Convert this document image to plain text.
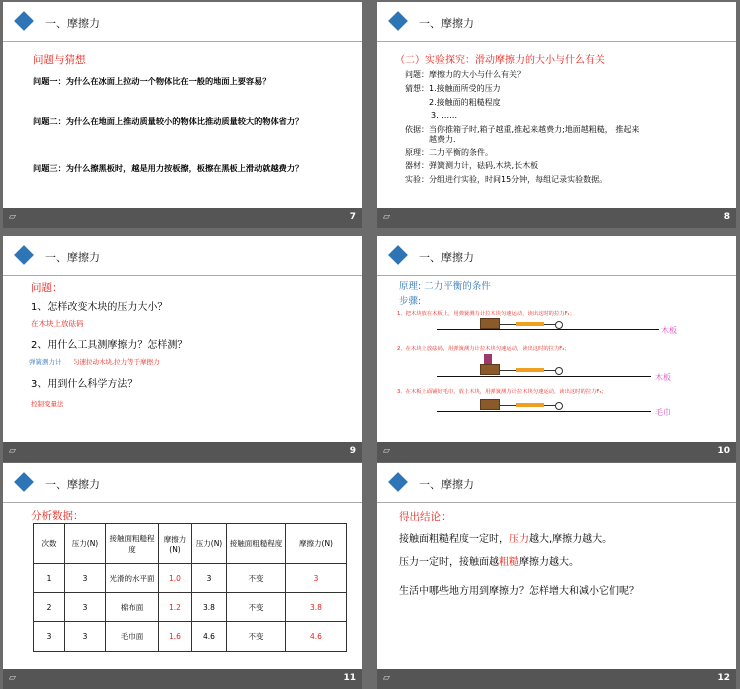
一、摩擦力
问题与猜想
问题一：为什么在冰面上拉动一个物体比在一般的地面上要容易？
问题二：为什么在地面上推动质量较小的物体比推动质量较大的物体省力？
问题三：为什么擦黑板时，越是用力按板擦，板擦在黑板上滑动就越费力？
▱	7
一、摩擦力
（二）实验探究：滑动摩擦力的大小与什么有关
问题：摩擦力的大小与什么有关？
猜想： 1.接触面所受的压力
2.接触面的粗糙程度
3. ……
依据：当你推箱子时,箱子越重,推起来越费力;地面越粗糙， 推起来
越费力.
原理：二力平衡的条件。
器材：弹簧测力计，砝码,木块,长木板
实验：分组进行实验，时间15分钟，每组记录实验数据。
▱	8
一、摩擦力
问题：
1、怎样改变木块的压力大小？
在木块上放砝码
2、用什么工具测摩擦力？怎样测？
弹簧测力计 匀速拉动木块,拉力等于摩擦力
3、用到什么科学方法？
控制变量法
▱	9
一、摩擦力
原理: 二力平衡的条件
步骤:
1、把木块放在木板上，用弹簧测力计拉木块匀速运动，读出这时的拉力F₁；
木板
2、在木块上放砝码，用弹簧测力计拉木块匀速运动，读出这时的拉力F₂；
木板
3、在木板上面铺好毛巾，放上木块，用弹簧测力计拉木块匀速运动，读出这时的拉力F₃；
毛巾
▱	10
一、摩擦力
分析数据：
次数	压力(N)	接触面粗糙程度	摩擦力(N)	压力(N)	接触面粗糙程度	摩擦力(N)
1	3	光滑的水平面	1.0	3	不变	3
2	3	棉布面	1.2	3.8	不变	3.8
3	3	毛巾面	1.6	4.6	不变	4.6
▱	11
一、摩擦力
得出结论：
接触面粗糙程度一定时，压力越大,摩擦力越大。
压力一定时，接触面越粗糙摩擦力越大。
生活中哪些地方用到摩擦力？怎样增大和减小它们呢？
▱	12
